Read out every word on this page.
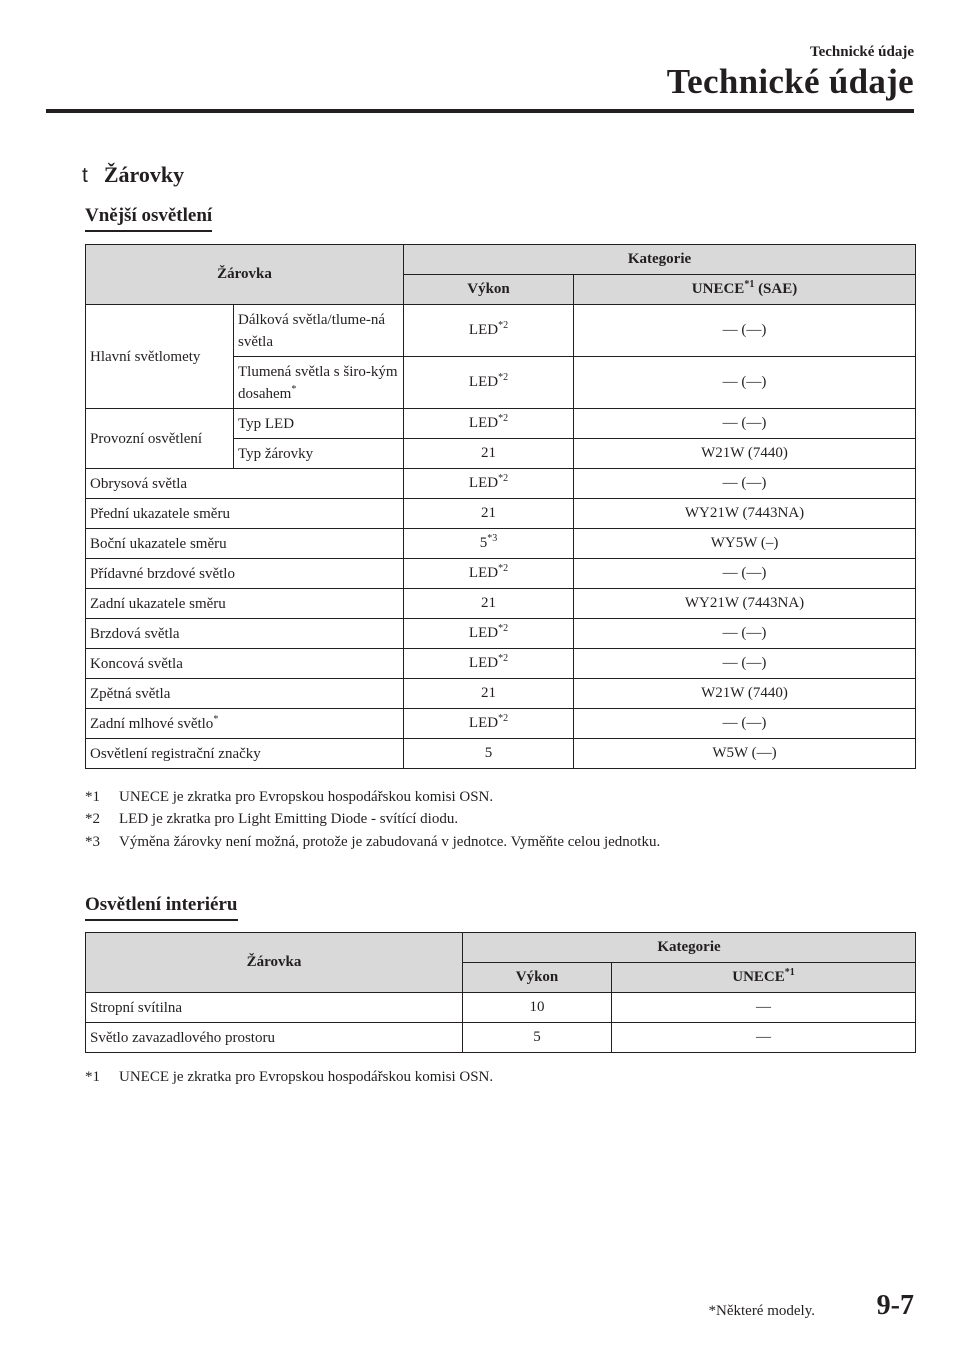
Technické údaje
Technické údaje
t Žárovky
Vnější osvětlení
Žárovka		Kategorie	
		Výkon	UNECE$^{*1}$ (SAE)
Hlavní světlomety	Dálková světla/tlume-ná světla	LED$^{*2}$	— (—)
	Tlumená světla s širo-kým dosahem*	LED$^{*2}$	— (—)
Provozní osvětlení	Typ LED	LED$^{*2}$	— (—)
	Typ žárovky	21	W21W (7440)
Obrysová světla		LED$^{*2}$	— (—)
Přední ukazatele směru		21	WY21W (7443NA)
Boční ukazatele směru		5$^{*3}$	WY5W (–)
Přídavné brzdové světlo		LED$^{*2}$	— (—)
Zadní ukazatele směru		21	WY21W (7443NA)
Brzdová světla		LED$^{*2}$	— (—)
Koncová světla		LED$^{*2}$	— (—)
Zpětná světla		21	W21W (7440)
Zadní mlhové světlo*		LED$^{*2}$	— (—)
Osvětlení registrační značky		5	W5W (—)
*1	UNECE je zkratka pro Evropskou hospodářskou komisi OSN.
*2	LED je zkratka pro Light Emitting Diode - svítící diodu.
*3	Výměna žárovky není možná, protože je zabudovaná v jednotce. Vyměňte celou jednotku.
Osvětlení interiéru
Žárovka	Kategorie	
	Výkon	UNECE$^{*1}$
Stropní svítilna	10	—
Světlo zavazadlového prostoru	5	—
*1	UNECE je zkratka pro Evropskou hospodářskou komisi OSN.
*Některé modely. 9-7
